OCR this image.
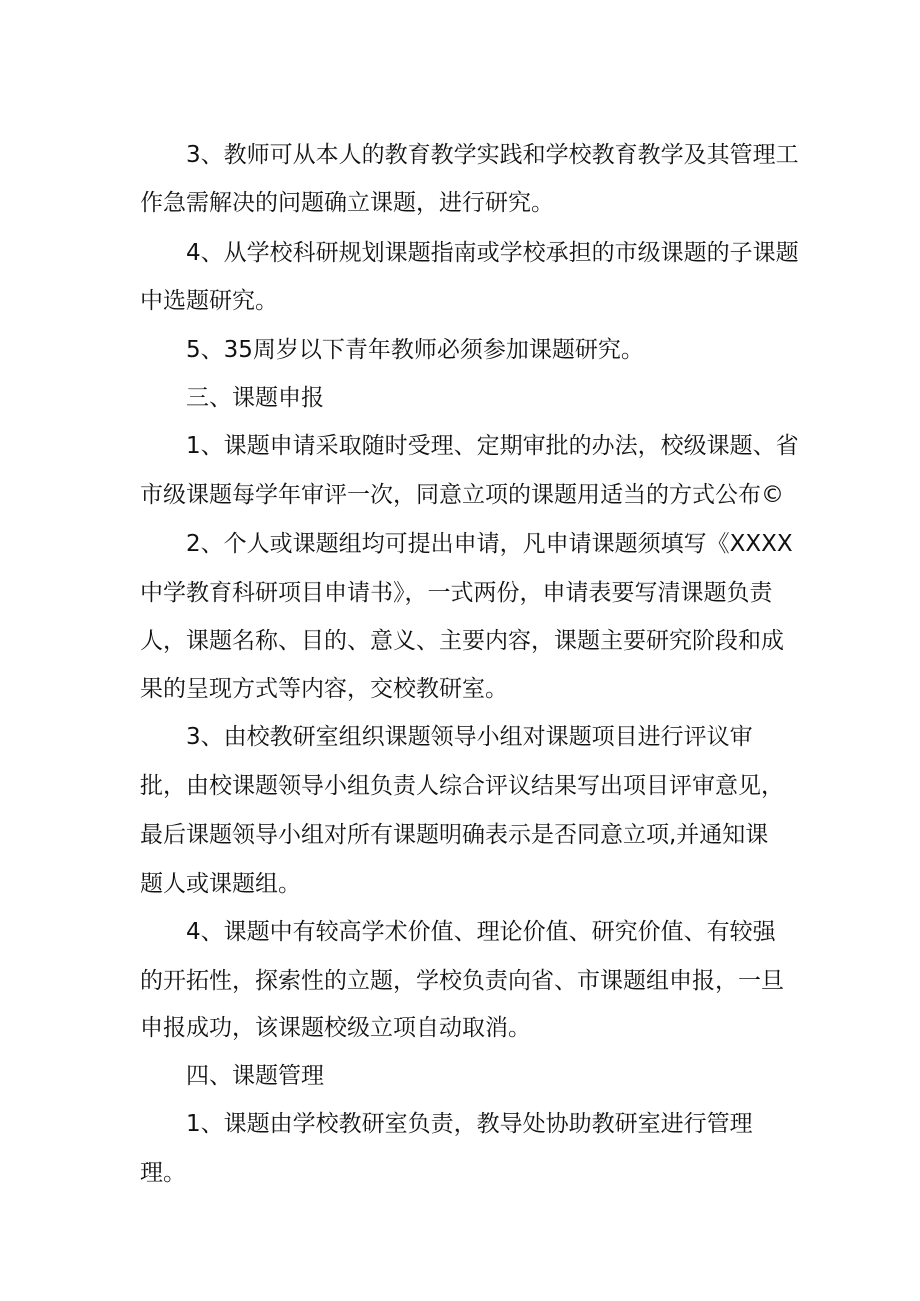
3、教师可从本人的教育教学实践和学校教育教学及其管理工
作急需解决的问题确立课题，进行研究。
4、从学校科研规划课题指南或学校承担的市级课题的子课题
中选题研究。
5、35周岁以下青年教师必须参加课题研究。
三、课题申报
1、课题申请采取随时受理、定期审批的办法，校级课题、省
市级课题每学年审评一次，同意立项的课题用适当的方式公布©
2、个人或课题组均可提出申请，凡申请课题须填写《XXXX
中学教育科研项目申请书》，一式两份，申请表要写清课题负责
人，课题名称、目的、意义、主要内容，课题主要研究阶段和成
果的呈现方式等内容，交校教研室。
3、由校教研室组织课题领导小组对课题项目进行评议审
批，由校课题领导小组负责人综合评议结果写出项目评审意见，
最后课题领导小组对所有课题明确表示是否同意立项,并通知课
题人或课题组。
4、课题中有较高学术价值、理论价值、研究价值、有较强
的开拓性，探索性的立题，学校负责向省、市课题组申报，一旦
申报成功，该课题校级立项自动取消。
四、课题管理
1、课题由学校教研室负责，教导处协助教研室进行管理
理。
